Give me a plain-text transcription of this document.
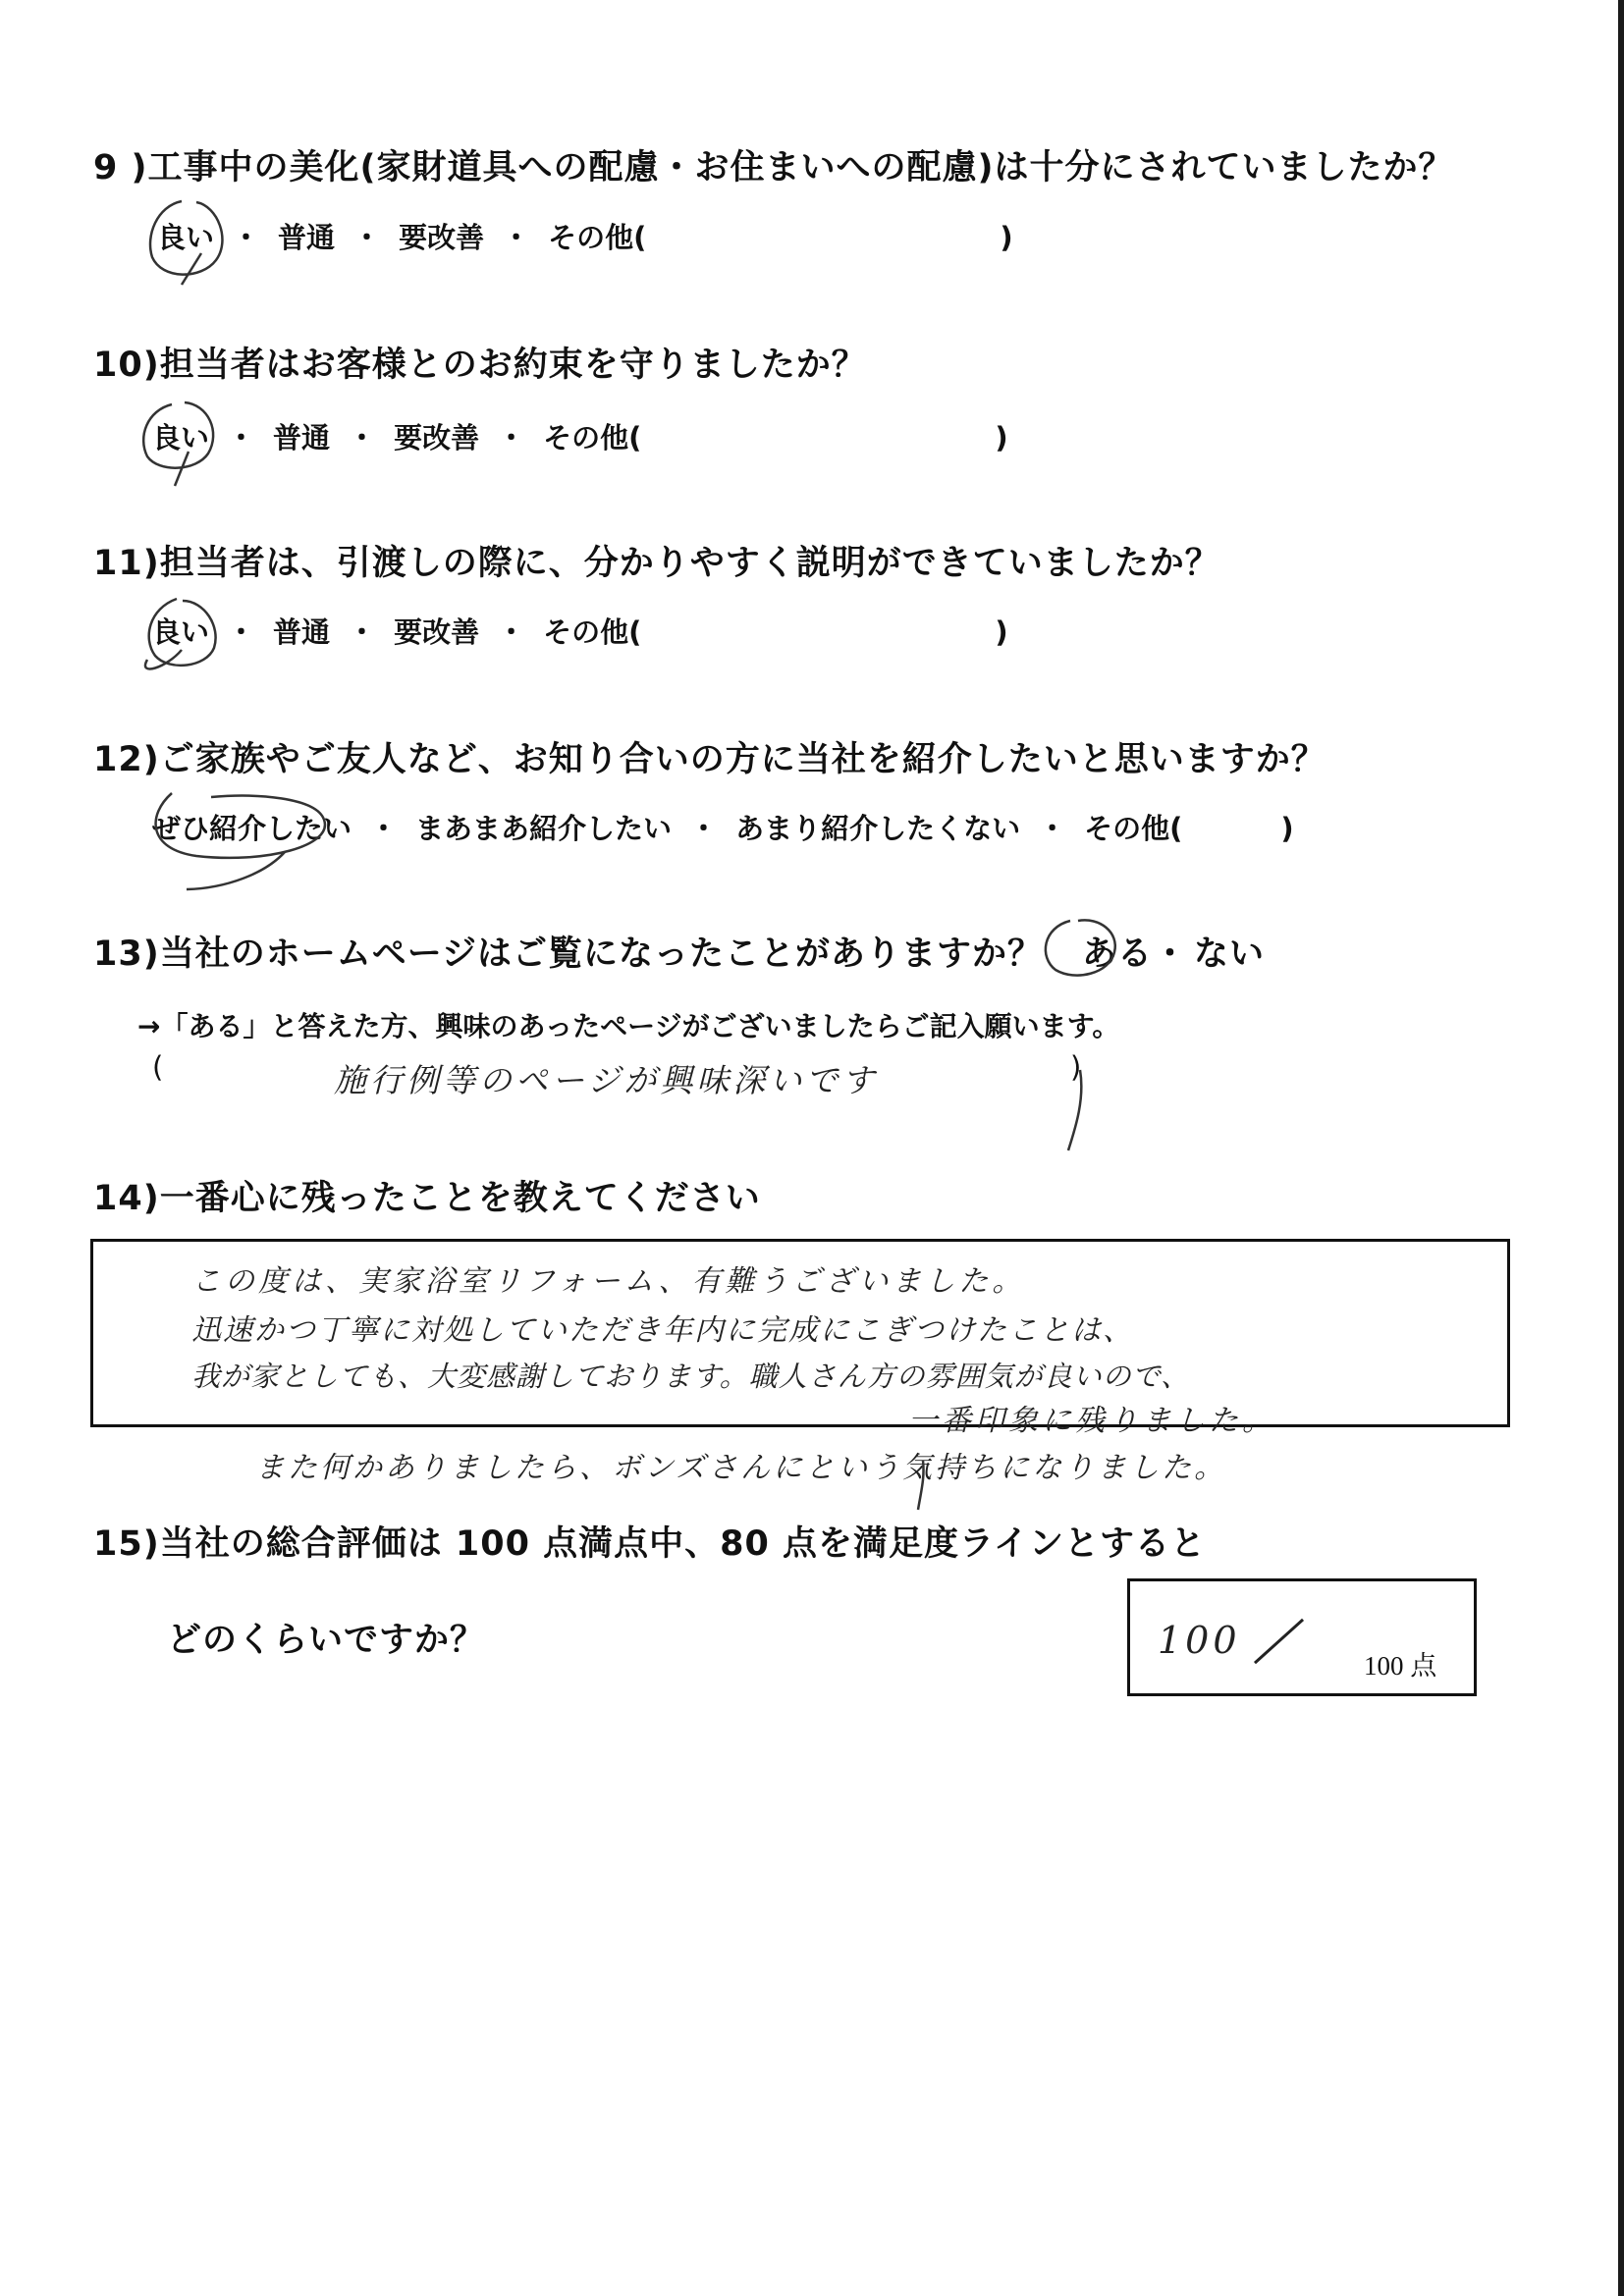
9 )工事中の美化(家財道具への配慮・お住まいへの配慮)は十分にされていましたか？
良い ・ 普通 ・ 要改善 ・ その他(	)
10)担当者はお客様とのお約束を守りましたか？
良い ・ 普通 ・ 要改善 ・ その他(	)
11)担当者は、引渡しの際に、分かりやすく説明ができていましたか？
良い ・ 普通 ・ 要改善 ・ その他(	)
12)ご家族やご友人など、お知り合いの方に当社を紹介したいと思いますか？
ぜひ紹介したい ・ まあまあ紹介したい ・ あまり紹介したくない ・ その他(	)
13)当社のホームページはご覧になったことがありますか？ ある・ ない
→「ある」と答えた方、興味のあったページがございましたらご記入願います。
(	施行例等のページが興味深いです	)
14)一番心に残ったことを教えてください
この度は、実家浴室リフォーム、有難うございました。
迅速かつ丁寧に対処していただき年内に完成にこぎつけたことは、
我が家としても、大変感謝しております。職人さん方の雰囲気が良いので、
一番印象に残りました。
また何かありましたら、ボンズさんにという気持ちになりました。
15)当社の総合評価は 100 点満点中、80 点を満足度ラインとすると
どのくらいですか？	100
100 点
